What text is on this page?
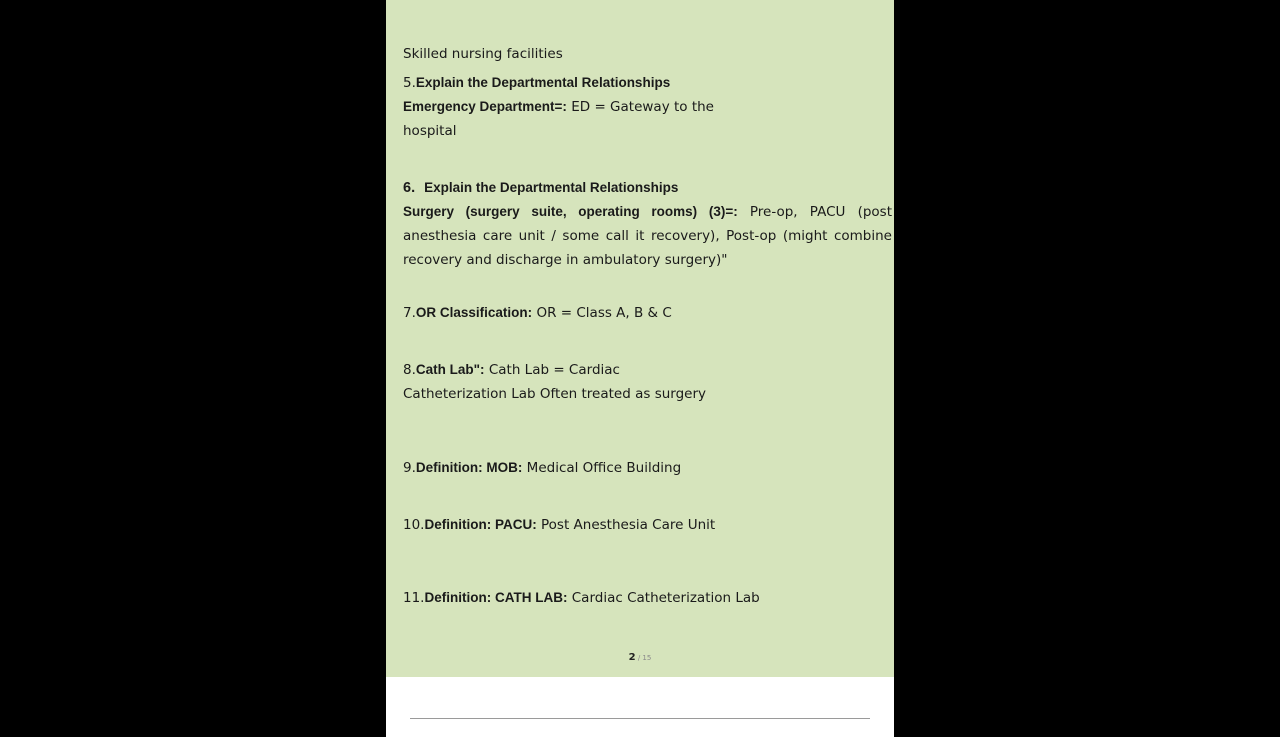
Skilled nursing facilities
5.Explain the Departmental Relationships
Emergency Department=: ED = Gateway to the
hospital
6. Explain the Departmental Relationships
Surgery (surgery suite, operating rooms) (3)=: Pre-op, PACU (post
anesthesia care unit / some call it recovery), Post-op (might combine
recovery and discharge in ambulatory surgery)"
7.OR Classification: OR = Class A, B & C
8.Cath Lab": Cath Lab = Cardiac
Catheterization Lab Often treated as surgery
9.Definition: MOB: Medical Office Building
10.Definition: PACU: Post Anesthesia Care Unit
11.Definition: CATH LAB: Cardiac Catheterization Lab
2 / 15
